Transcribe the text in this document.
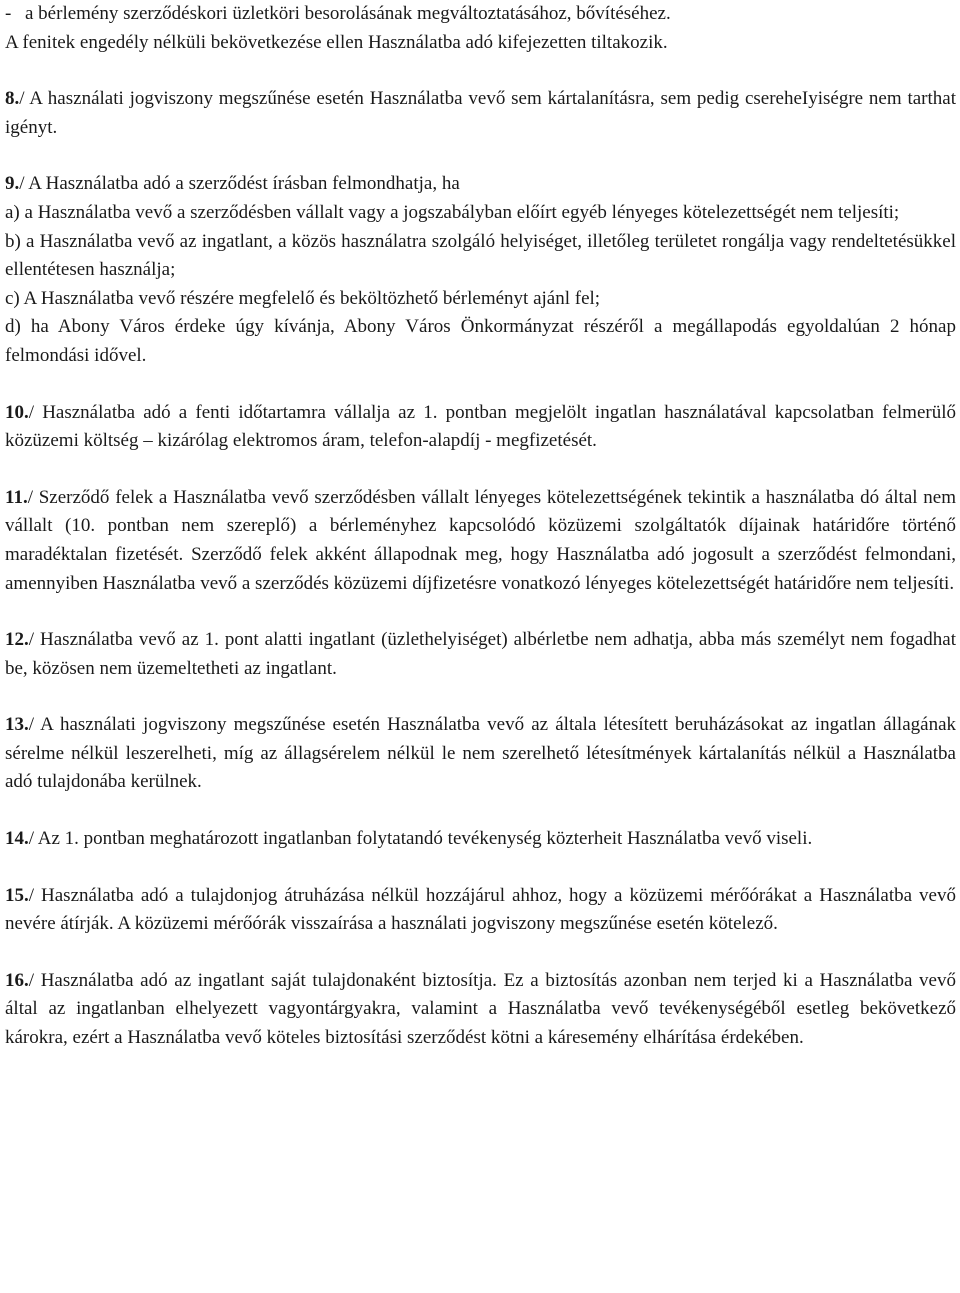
- a bérlemény szerződéskori üzletköri besorolásának megváltoztatásához, bővítéséhez.

A fenitek engedély nélküli bekövetkezése ellen Használatba adó kifejezetten tiltakozik.

8./ A használati jogviszony megszűnése esetén Használatba vevő sem kártalanításra, sem pedig csereheIyiségre nem tarthat igényt.

9./ A Használatba adó a szerződést írásban felmondhatja, ha

a) a Használatba vevő a szerződésben vállalt vagy a jogszabályban előírt egyéb lényeges kötelezettségét nem teljesíti;

b) a Használatba vevő az ingatlant, a közös használatra szolgáló helyiséget, illetőleg területet rongálja vagy rendeltetésükkel ellentétesen használja;

c) A Használatba vevő részére megfelelő és beköltözhető bérleményt ajánl fel;

d) ha Abony Város érdeke úgy kívánja, Abony Város Önkormányzat részéről a megállapodás egyoldalúan 2 hónap felmondási idővel.

10./ Használatba adó a fenti időtartamra vállalja az 1. pontban megjelölt ingatlan használatával kapcsolatban felmerülő közüzemi költség – kizárólag elektromos áram, telefon-alapdíj - megfizetését.

11./ Szerződő felek a Használatba vevő szerződésben vállalt lényeges kötelezettségének tekintik a használatba dó által nem vállalt (10. pontban nem szereplő) a bérleményhez kapcsolódó közüzemi szolgáltatók díjainak határidőre történő maradéktalan fizetését. Szerződő felek akként állapodnak meg, hogy Használatba adó jogosult a szerződést felmondani, amennyiben Használatba vevő a szerződés közüzemi díjfizetésre vonatkozó lényeges kötelezettségét határidőre nem teljesíti.

12./ Használatba vevő az 1. pont alatti ingatlant (üzlethelyiséget) albérletbe nem adhatja, abba más személyt nem fogadhat be, közösen nem üzemeltetheti az ingatlant.

13./ A használati jogviszony megszűnése esetén Használatba vevő az általa létesített beruházásokat az ingatlan állagának sérelme nélkül leszerelheti, míg az állagsérelem nélkül le nem szerelhető létesítmények kártalanítás nélkül a Használatba adó tulajdonába kerülnek.

14./ Az 1. pontban meghatározott ingatlanban folytatandó tevékenység közterheit Használatba vevő viseli.

15./ Használatba adó a tulajdonjog átruházása nélkül hozzájárul ahhoz, hogy a közüzemi mérőórákat a Használatba vevő nevére átírják. A közüzemi mérőórák visszaírása a használati jogviszony megszűnése esetén kötelező.

16./ Használatba adó az ingatlant saját tulajdonaként biztosítja. Ez a biztosítás azonban nem terjed ki a Használatba vevő által az ingatlanban elhelyezett vagyontárgyakra, valamint a Használatba vevő tevékenységéből esetleg bekövetkező károkra, ezért a Használatba vevő köteles biztosítási szerződést kötni a káresemény elhárítása érdekében.
